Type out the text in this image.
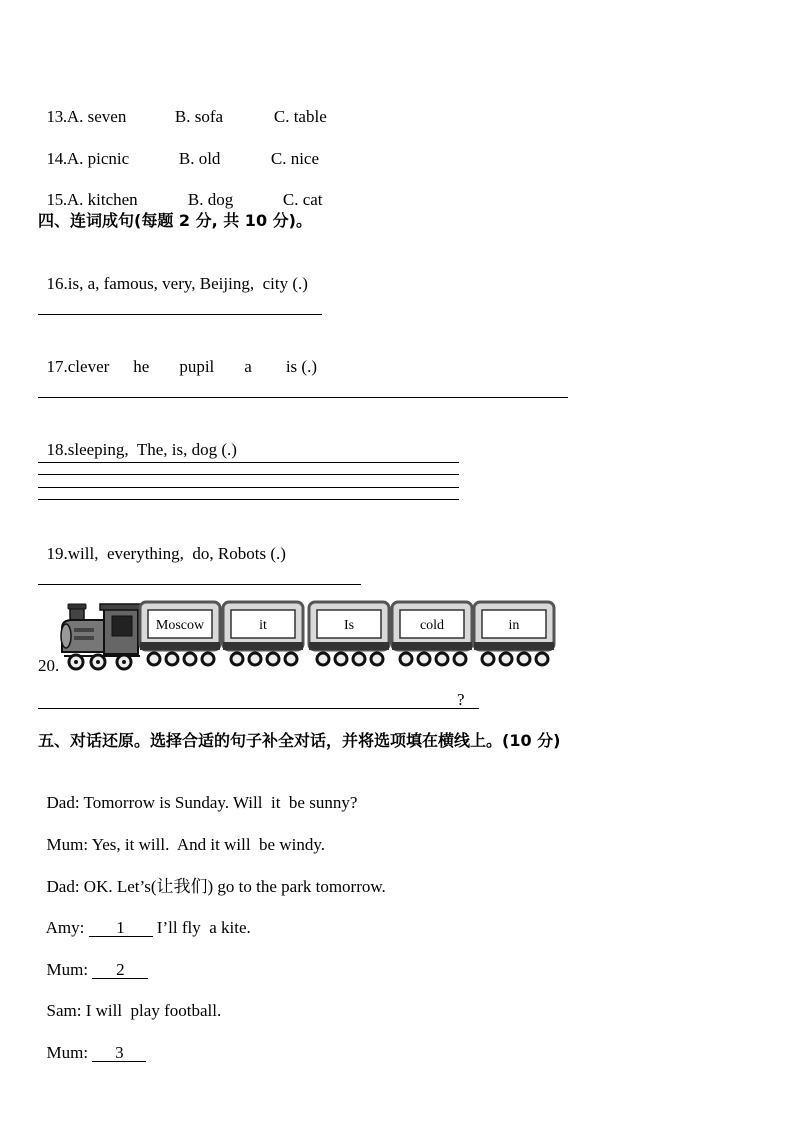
13.A. seven	B. sofa	C. table

14.A. picnic	B. old	C. nice

15.A. kitchen	B. dog	C. cat

四、连词成句(每题 2 分, 共 10 分)。

16.is, a, famous, very, Beijing,  city (.)

17.clever he pupil a is (.)

18.sleeping,  The, is, dog (.)

19.will,  everything,  do, Robots (.)

Moscow	it	Is	cold	in
20.
?
五、对话还原。选择合适的句子补全对话，并将选项填在横线上。(10 分)

Dad: Tomorrow is Sunday. Will  it  be sunny?

Mum: Yes, it will.  And it will  be windy.

Dad: OK. Let’s(让我们) go to the park tomorrow.

Amy: 1 I’ll fly  a kite.

Mum: 2

Sam: I will  play football.

Mum: 3
